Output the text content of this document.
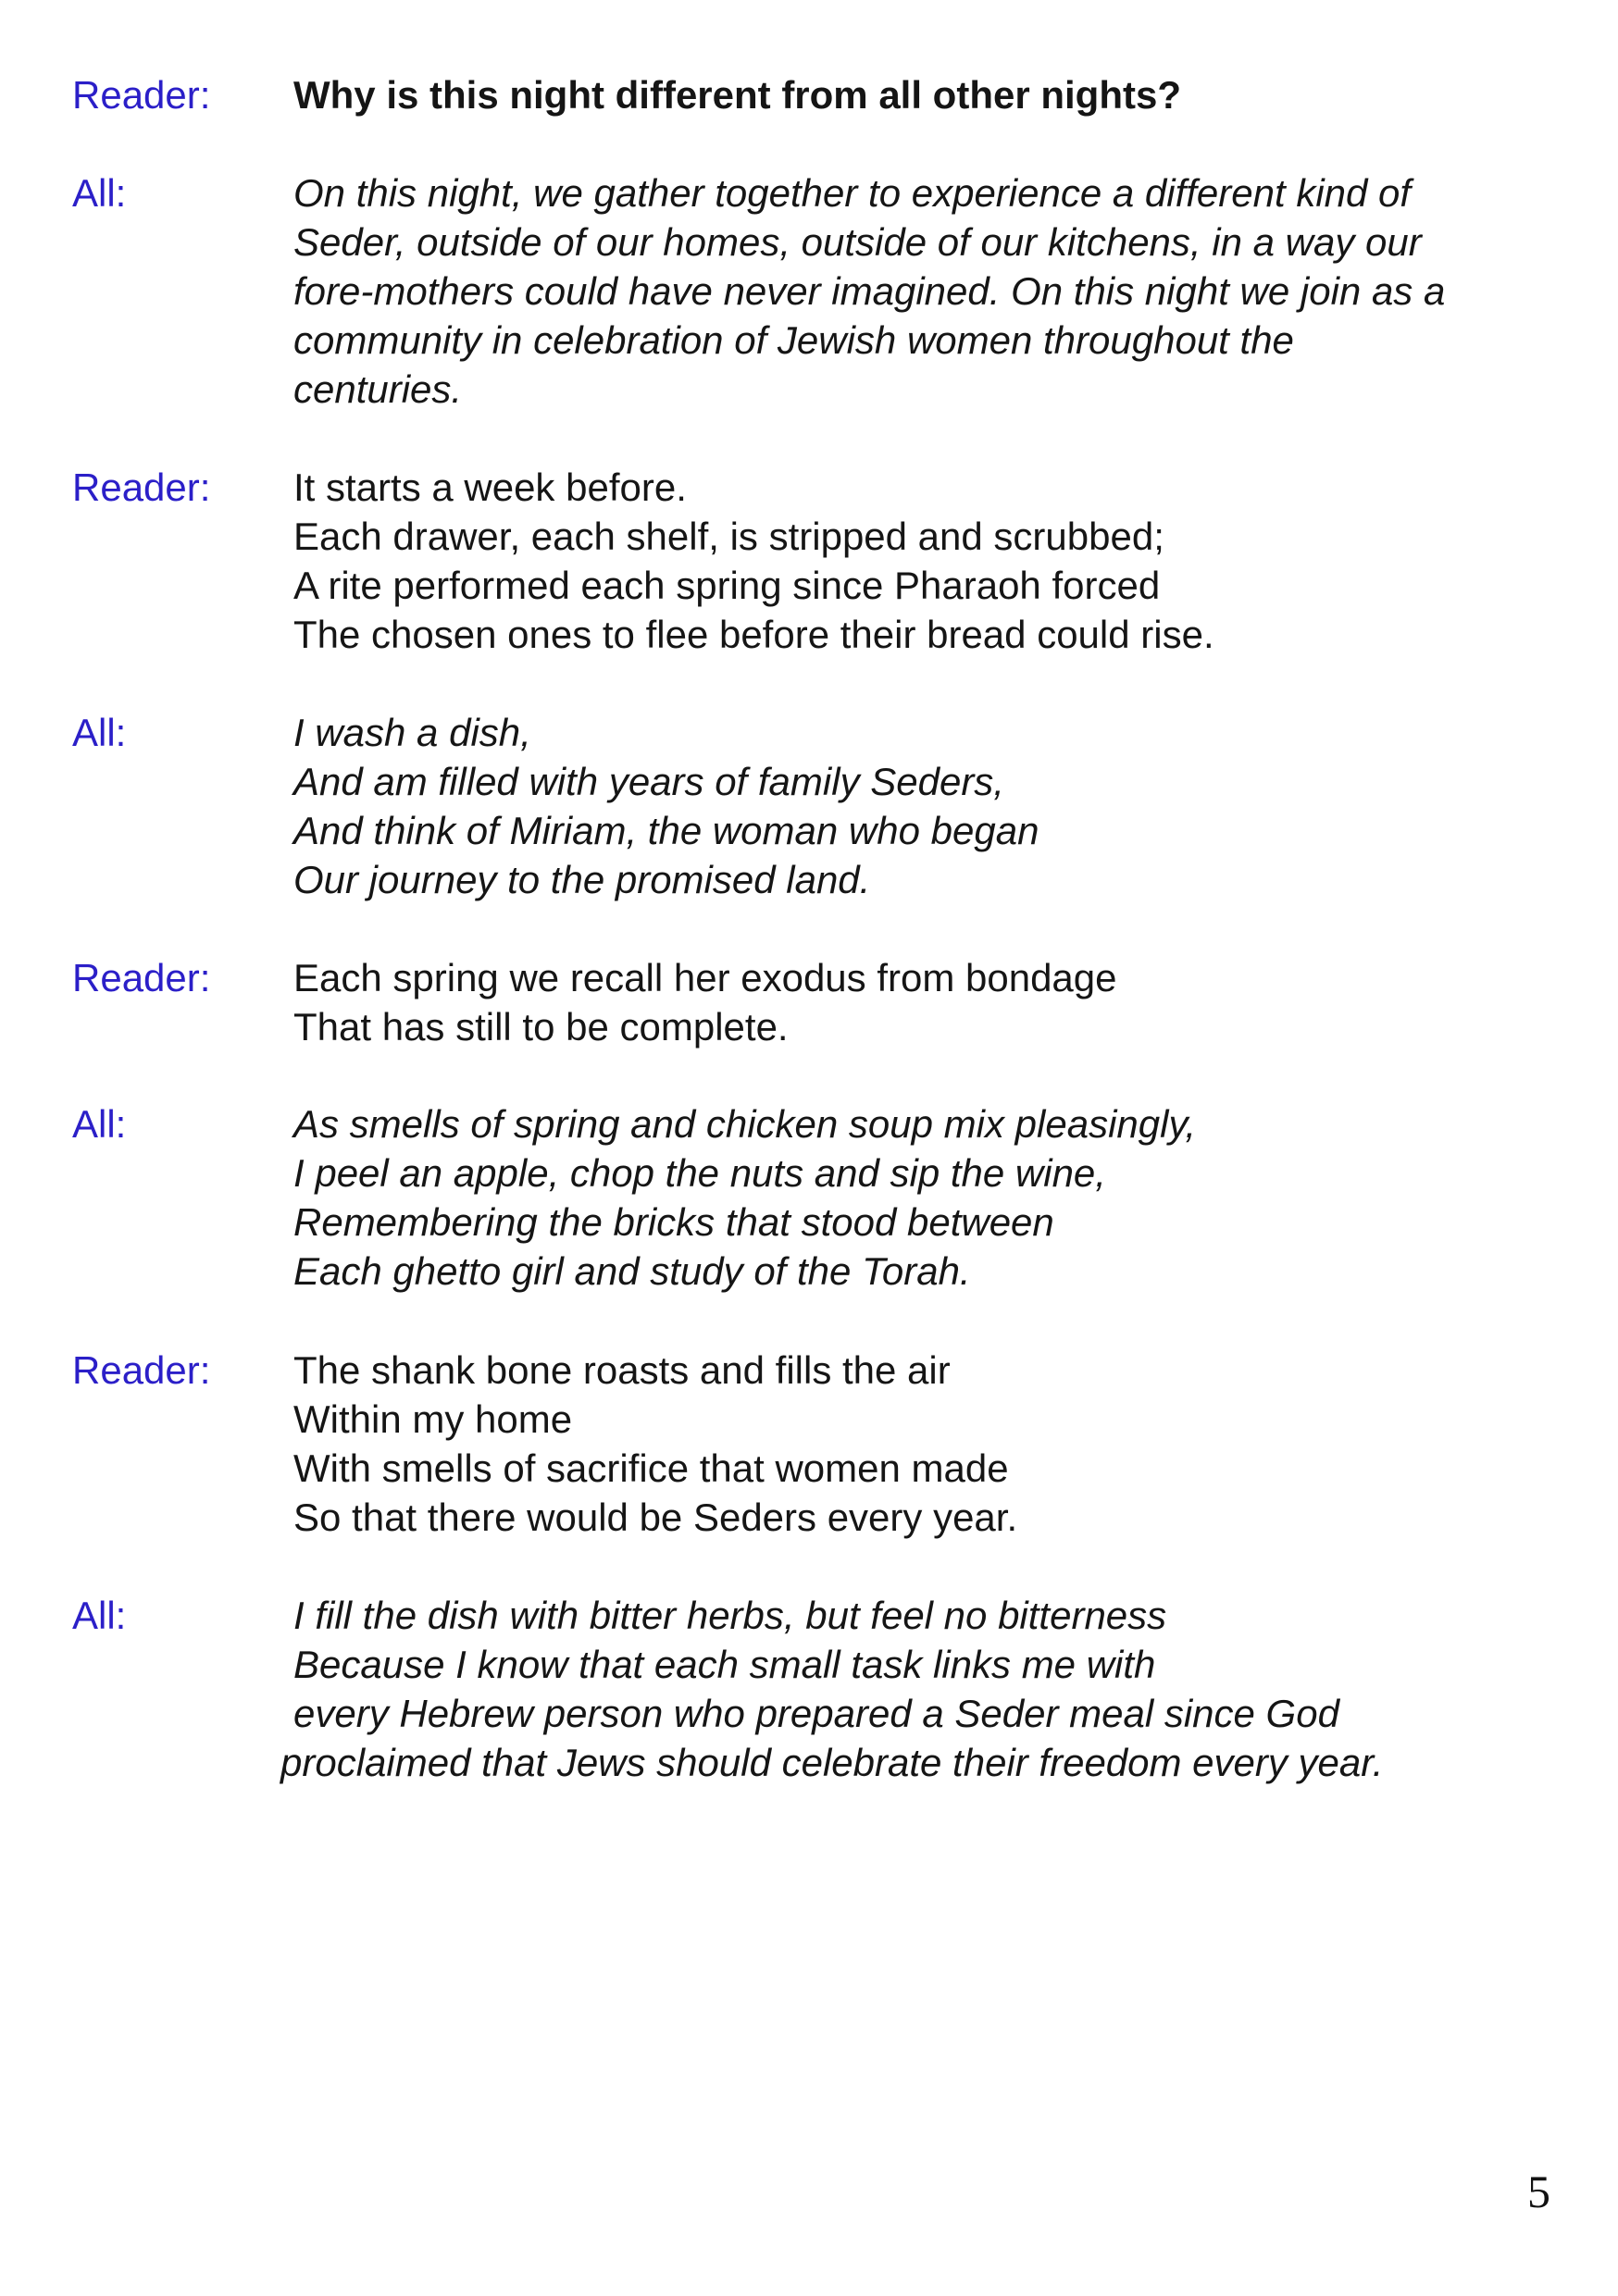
Reader: Why is this night different from all other nights?
All:	On this night, we gather together to experience a different kind of
Seder, outside of our homes, outside of our kitchens, in a way our
fore-mothers could have never imagined. On this night we join as a
community in celebration of Jewish women throughout the
centuries.
Reader: It starts a week before.
Each drawer, each shelf, is stripped and scrubbed;
A rite performed each spring since Pharaoh forced
The chosen ones to flee before their bread could rise.
All:	I wash a dish,
And am filled with years of family Seders,
And think of Miriam, the woman who began
Our journey to the promised land.
Reader: Each spring we recall her exodus from bondage
That has still to be complete.
All:	As smells of spring and chicken soup mix pleasingly,
I peel an apple, chop the nuts and sip the wine,
Remembering the bricks that stood between
Each ghetto girl and study of the Torah.
Reader: The shank bone roasts and fills the air
Within my home
With smells of sacrifice that women made
So that there would be Seders every year.
All:	I fill the dish with bitter herbs, but feel no bitterness
Because I know that each small task links me with
every Hebrew person who prepared a Seder meal since God
proclaimed that Jews should celebrate their freedom every year.
5
